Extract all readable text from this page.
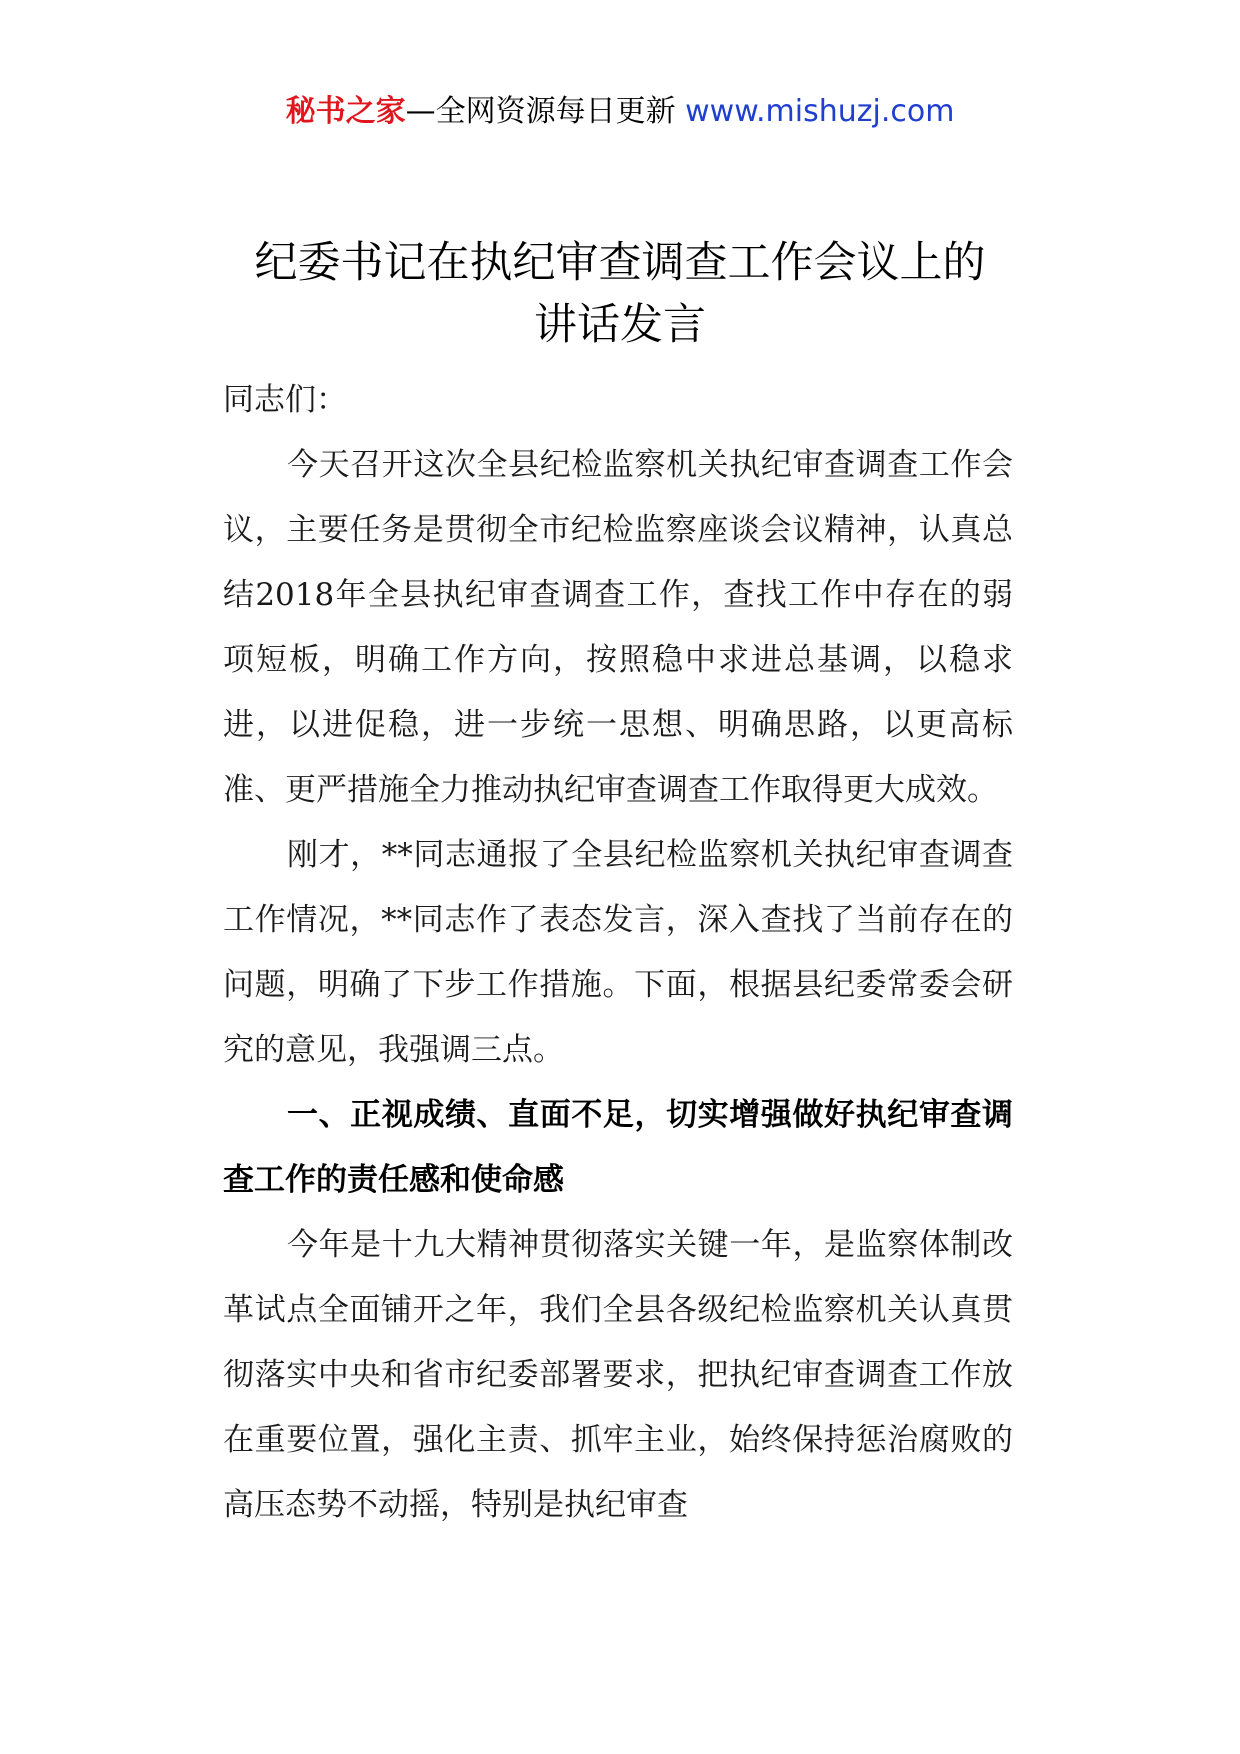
秘书之家—全网资源每日更新 www.mishuzj.com
纪委书记在执纪审查调查工作会议上的
讲话发言

同志们：

今天召开这次全县纪检监察机关执纪审查调查工作会议，主要任务是贯彻全市纪检监察座谈会议精神，认真总结2018年全县执纪审查调查工作，查找工作中存在的弱项短板，明确工作方向，按照稳中求进总基调，以稳求进，以进促稳，进一步统一思想、明确思路，以更高标准、更严措施全力推动执纪审查调查工作取得更大成效。

刚才，**同志通报了全县纪检监察机关执纪审查调查工作情况，**同志作了表态发言，深入查找了当前存在的问题，明确了下步工作措施。下面，根据县纪委常委会研究的意见，我强调三点。

一、正视成绩、直面不足，切实增强做好执纪审查调查工作的责任感和使命感

今年是十九大精神贯彻落实关键一年，是监察体制改革试点全面铺开之年，我们全县各级纪检监察机关认真贯彻落实中央和省市纪委部署要求，把执纪审查调查工作放在重要位置，强化主责、抓牢主业，始终保持惩治腐败的高压态势不动摇，特别是执纪审查
